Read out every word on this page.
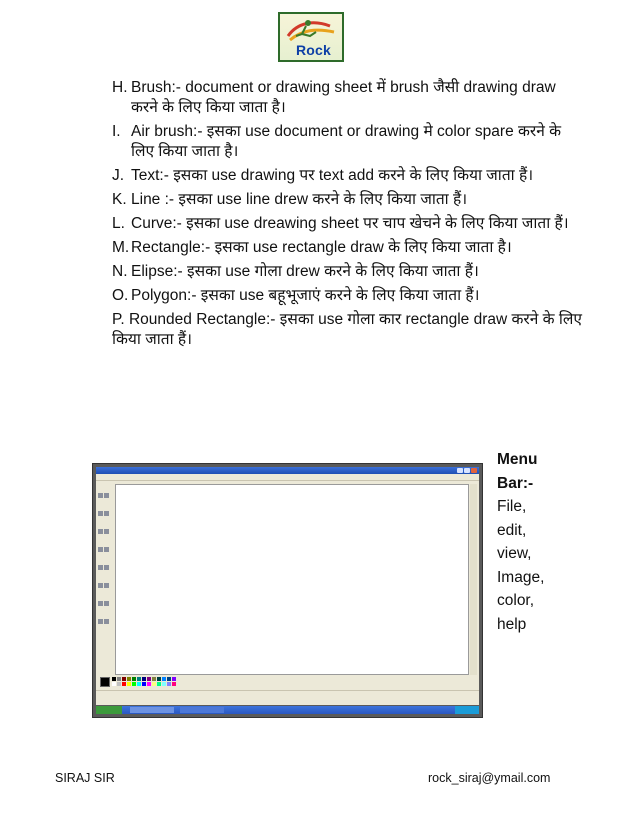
Rock
H. Brush:- document or drawing sheet में brush जैसी drawing draw करने के लिए किया जाता है।
I. Air brush:- इसका use document or drawing मे color spare करने के लिए किया जाता है।
J. Text:- इसका use drawing पर text add करने के लिए किया जाता हैं।
K. Line :- इसका use line drew करने के लिए किया जाता हैं।
L. Curve:- इसका use dreawing sheet पर चाप खेचने के लिए किया जाता हैं।
M. Rectangle:- इसका use rectangle draw के लिए किया जाता है।
N. Elipse:- इसका use गोला drew करने के लिए किया जाता हैं।
O. Polygon:- इसका use बहूभूजाएं करने के लिए किया जाता हैं।
P. Rounded Rectangle:- इसका use गोला कार rectangle draw करने के लिए किया जाता हैं।

Menu
Bar:-
File,
edit,
view,
Image,
color,
help
SIRAJ SIR	rock_siraj@ymail.com
